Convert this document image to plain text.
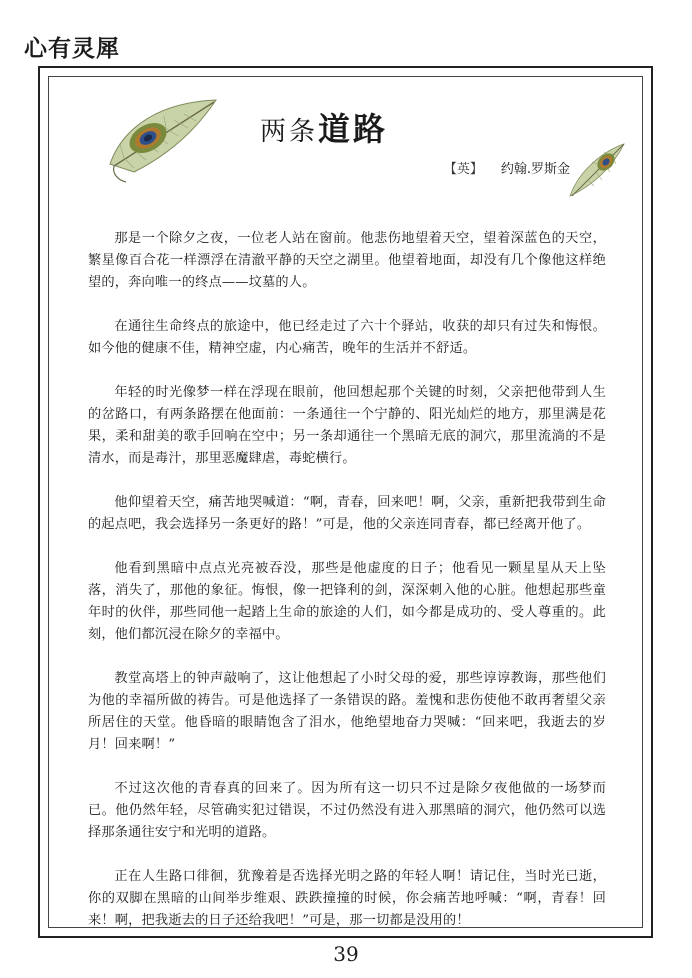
心有灵犀
两条道路
【英】 约翰.罗斯金

那是一个除夕之夜，一位老人站在窗前。他悲伤地望着天空，望着深蓝色的天空，繁星像百合花一样漂浮在清澈平静的天空之湖里。他望着地面，却没有几个像他这样绝望的，奔向唯一的终点——坟墓的人。

在通往生命终点的旅途中，他已经走过了六十个驿站，收获的却只有过失和悔恨。如今他的健康不佳，精神空虚，内心痛苦，晚年的生活并不舒适。

年轻的时光像梦一样在浮现在眼前，他回想起那个关键的时刻，父亲把他带到人生的岔路口，有两条路摆在他面前：一条通往一个宁静的、阳光灿烂的地方，那里满是花果，柔和甜美的歌手回响在空中；另一条却通往一个黑暗无底的洞穴，那里流淌的不是清水，而是毒汁，那里恶魔肆虐，毒蛇横行。

他仰望着天空，痛苦地哭喊道：“啊，青春，回来吧！啊，父亲，重新把我带到生命的起点吧，我会选择另一条更好的路！”可是，他的父亲连同青春，都已经离开他了。

他看到黑暗中点点光亮被吞没，那些是他虚度的日子；他看见一颗星星从天上坠落，消失了，那他的象征。悔恨，像一把锋利的剑，深深刺入他的心脏。他想起那些童年时的伙伴，那些同他一起踏上生命的旅途的人们，如今都是成功的、受人尊重的。此刻，他们都沉浸在除夕的幸福中。

教堂高塔上的钟声敲响了，这让他想起了小时父母的爱，那些谆谆教诲，那些他们为他的幸福所做的祷告。可是他选择了一条错误的路。羞愧和悲伤使他不敢再奢望父亲所居住的天堂。他昏暗的眼睛饱含了泪水，他绝望地奋力哭喊：“回来吧，我逝去的岁月！回来啊！”

不过这次他的青春真的回来了。因为所有这一切只不过是除夕夜他做的一场梦而已。他仍然年轻，尽管确实犯过错误，不过仍然没有进入那黑暗的洞穴，他仍然可以选择那条通往安宁和光明的道路。

正在人生路口徘徊，犹豫着是否选择光明之路的年轻人啊！请记住，当时光已逝，你的双脚在黑暗的山间举步维艰、跌跌撞撞的时候，你会痛苦地呼喊：“啊，青春！回来！啊，把我逝去的日子还给我吧！”可是，那一切都是没用的！

39
